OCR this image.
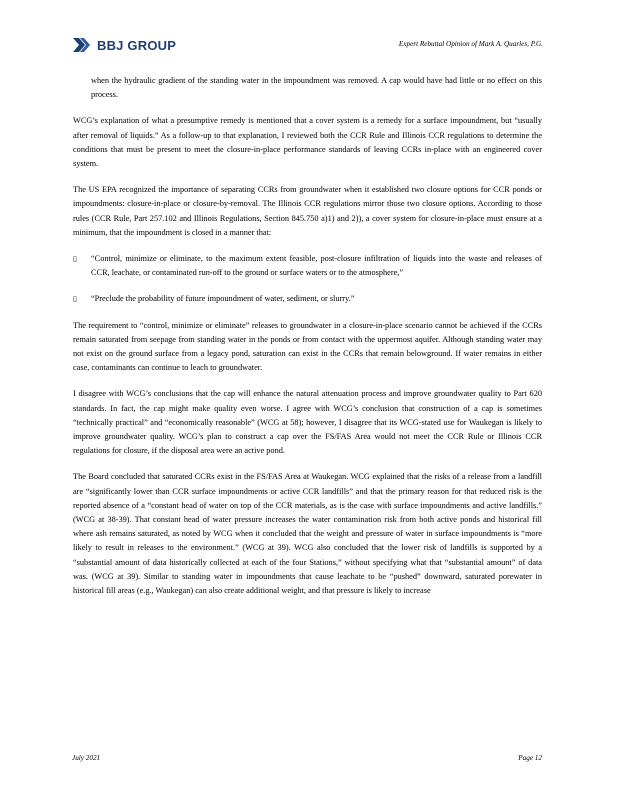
BBJ GROUP	Expert Rebuttal Opinion of Mark A. Quarles, P.G.

when the hydraulic gradient of the standing water in the impoundment was removed. A cap would have had little or no effect on this process.

WCG’s explanation of what a presumptive remedy is mentioned that a cover system is a remedy for a surface impoundment, but “usually after removal of liquids.” As a follow-up to that explanation, I reviewed both the CCR Rule and Illinois CCR regulations to determine the conditions that must be present to meet the closure-in-place performance standards of leaving CCRs in-place with an engineered cover system.

The US EPA recognized the importance of separating CCRs from groundwater when it established two closure options for CCR ponds or impoundments: closure-in-place or closure-by-removal. The Illinois CCR regulations mirror those two closure options. According to those rules (CCR Rule, Part 257.102 and Illinois Regulations, Section 845.750 a)1) and 2)), a cover system for closure-in-place must ensure at a minimum, that the impoundment is closed in a manner that:

▯ “Control, minimize or eliminate, to the maximum extent feasible, post-closure infiltration of liquids into the waste and releases of CCR, leachate, or contaminated run-off to the ground or surface waters or to the atmosphere,”

▯ “Preclude the probability of future impoundment of water, sediment, or slurry.”

The requirement to “control, minimize or eliminate” releases to groundwater in a closure-in-place scenario cannot be achieved if the CCRs remain saturated from seepage from standing water in the ponds or from contact with the uppermost aquifer. Although standing water may not exist on the ground surface from a legacy pond, saturation can exist in the CCRs that remain belowground. If water remains in either case, contaminants can continue to leach to groundwater.

I disagree with WCG’s conclusions that the cap will enhance the natural attenuation process and improve groundwater quality to Part 620 standards. In fact, the cap might make quality even worse. I agree with WCG’s conclusion that construction of a cap is sometimes “technically practical” and “economically reasonable” (WCG at 58); however, I disagree that its WCG-stated use for Waukegan is likely to improve groundwater quality. WCG’s plan to construct a cap over the FS/FAS Area would not meet the CCR Rule or Illinois CCR regulations for closure, if the disposal area were an active pond.

The Board concluded that saturated CCRs exist in the FS/FAS Area at Waukegan. WCG explained that the risks of a release from a landfill are “significantly lower than CCR surface impoundments or active CCR landfills” and that the primary reason for that reduced risk is the reported absence of a “constant head of water on top of the CCR materials, as is the case with surface impoundments and active landfills.” (WCG at 38-39). That constant head of water pressure increases the water contamination risk from both active ponds and historical fill where ash remains saturated, as noted by WCG when it concluded that the weight and pressure of water in surface impoundments is “more likely to result in releases to the environment.” (WCG at 39). WCG also concluded that the lower risk of landfills is supported by a “substantial amount of data historically collected at each of the four Stations,” without specifying what that “substantial amount” of data was. (WCG at 39). Similar to standing water in impoundments that cause leachate to be “pushed” downward, saturated porewater in historical fill areas (e.g., Waukegan) can also create additional weight, and that pressure is likely to increase

July 2021	Page 12
